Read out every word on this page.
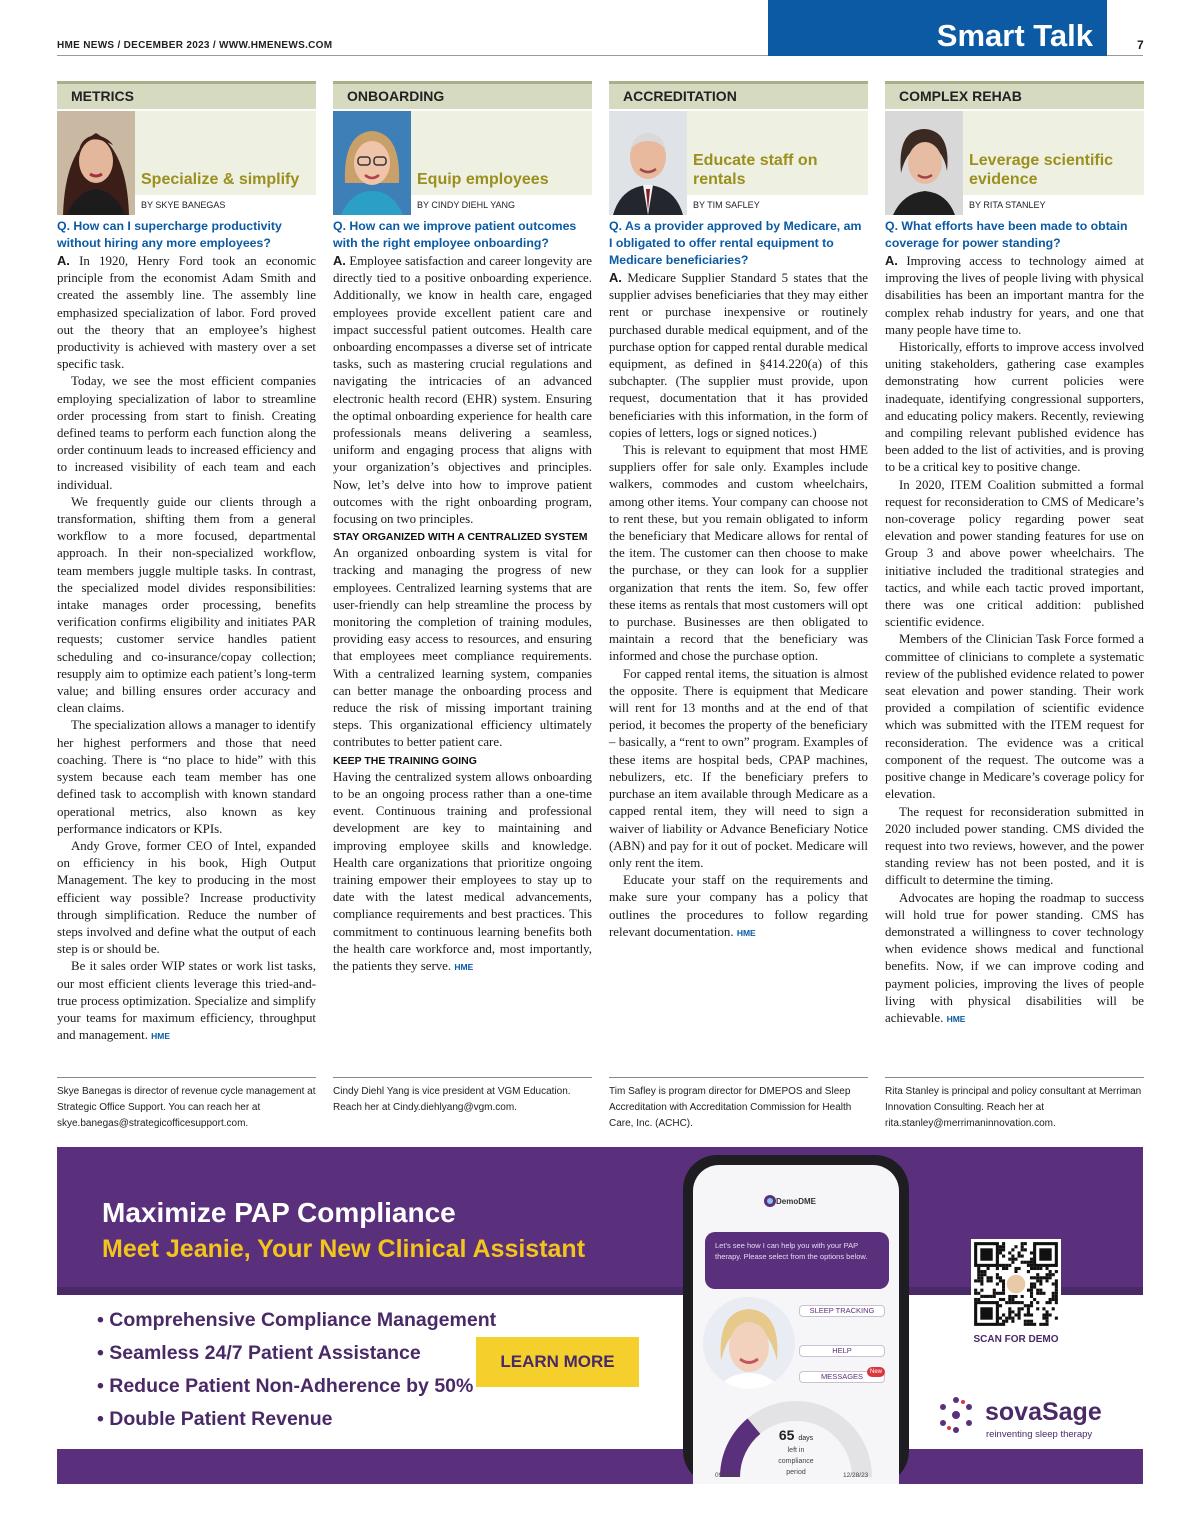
HME NEWS / DECEMBER 2023 / WWW.HMENEWS.COM	Smart Talk	7
METRICS
Specialize & simplify
BY SKYE BANEGAS
Q. How can I supercharge productivity without hiring any more employees?

A. In 1920, Henry Ford took an economic principle from the economist Adam Smith and created the assembly line. The assembly line emphasized specialization of labor. Ford proved out the theory that an employee’s highest productivity is achieved with mastery over a set specific task.

Today, we see the most efficient companies employing specialization of labor to streamline order processing from start to finish. Creating defined teams to perform each function along the order continuum leads to increased efficiency and to increased visibility of each team and each individual.

We frequently guide our clients through a transformation, shifting them from a general workflow to a more focused, departmental approach. In their non-specialized workflow, team members juggle multiple tasks. In contrast, the specialized model divides responsibilities: intake manages order processing, benefits verification confirms eligibility and initiates PAR requests; customer service handles patient scheduling and co-insurance/copay collection; resupply aim to optimize each patient’s long-term value; and billing ensures order accuracy and clean claims.

The specialization allows a manager to identify her highest performers and those that need coaching. There is “no place to hide” with this system because each team member has one defined task to accomplish with known standard operational metrics, also known as key performance indicators or KPIs.

Andy Grove, former CEO of Intel, expanded on efficiency in his book, High Output Management. The key to producing in the most efficient way possible? Increase productivity through simplification. Reduce the number of steps involved and define what the output of each step is or should be.

Be it sales order WIP states or work list tasks, our most efficient clients leverage this tried-and-true process optimization. Specialize and simplify your teams for maximum efficiency, throughput and management. HME

ONBOARDING
Equip employees
BY CINDY DIEHL YANG
Q. How can we improve patient outcomes with the right employee onboarding?

A. Employee satisfaction and career longevity are directly tied to a positive onboarding experience. Additionally, we know in health care, engaged employees provide excellent patient care and impact successful patient outcomes. Health care onboarding encompasses a diverse set of intricate tasks, such as mastering crucial regulations and navigating the intricacies of an advanced electronic health record (EHR) system. Ensuring the optimal onboarding experience for health care professionals means delivering a seamless, uniform and engaging process that aligns with your organization’s objectives and principles. Now, let’s delve into how to improve patient outcomes with the right onboarding program, focusing on two principles.

STAY ORGANIZED WITH A CENTRALIZED SYSTEM

An organized onboarding system is vital for tracking and managing the progress of new employees. Centralized learning systems that are user-friendly can help streamline the process by monitoring the completion of training modules, providing easy access to resources, and ensuring that employees meet compliance requirements. With a centralized learning system, companies can better manage the onboarding process and reduce the risk of missing important training steps. This organizational efficiency ultimately contributes to better patient care.

KEEP THE TRAINING GOING

Having the centralized system allows onboarding to be an ongoing process rather than a one-time event. Continuous training and professional development are key to maintaining and improving employee skills and knowledge. Health care organizations that prioritize ongoing training empower their employees to stay up to date with the latest medical advancements, compliance requirements and best practices. This commitment to continuous learning benefits both the health care workforce and, most importantly, the patients they serve. HME

ACCREDITATION
Educate staff on rentals
BY TIM SAFLEY
Q. As a provider approved by Medicare, am I obligated to offer rental equipment to Medicare beneficiaries?

A. Medicare Supplier Standard 5 states that the supplier advises beneficiaries that they may either rent or purchase inexpensive or routinely purchased durable medical equipment, and of the purchase option for capped rental durable medical equipment, as defined in §414.220(a) of this subchapter. (The supplier must provide, upon request, documentation that it has provided beneficiaries with this information, in the form of copies of letters, logs or signed notices.)

This is relevant to equipment that most HME suppliers offer for sale only. Examples include walkers, commodes and custom wheelchairs, among other items. Your company can choose not to rent these, but you remain obligated to inform the beneficiary that Medicare allows for rental of the item. The customer can then choose to make the purchase, or they can look for a supplier organization that rents the item. So, few offer these items as rentals that most customers will opt to purchase. Businesses are then obligated to maintain a record that the beneficiary was informed and chose the purchase option.

For capped rental items, the situation is almost the opposite. There is equipment that Medicare will rent for 13 months and at the end of that period, it becomes the property of the beneficiary – basically, a “rent to own” program. Examples of these items are hospital beds, CPAP machines, nebulizers, etc. If the beneficiary prefers to purchase an item available through Medicare as a capped rental item, they will need to sign a waiver of liability or Advance Beneficiary Notice (ABN) and pay for it out of pocket. Medicare will only rent the item.

Educate your staff on the requirements and make sure your company has a policy that outlines the procedures to follow regarding relevant documentation. HME

COMPLEX REHAB
Leverage scientific evidence
BY RITA STANLEY
Q. What efforts have been made to obtain coverage for power standing?

A. Improving access to technology aimed at improving the lives of people living with physical disabilities has been an important mantra for the complex rehab industry for years, and one that many people have time to.

Historically, efforts to improve access involved uniting stakeholders, gathering case examples demonstrating how current policies were inadequate, identifying congressional supporters, and educating policy makers. Recently, reviewing and compiling relevant published evidence has been added to the list of activities, and is proving to be a critical key to positive change.

In 2020, ITEM Coalition submitted a formal request for reconsideration to CMS of Medicare’s non-coverage policy regarding power seat elevation and power standing features for use on Group 3 and above power wheelchairs. The initiative included the traditional strategies and tactics, and while each tactic proved important, there was one critical addition: published scientific evidence.

Members of the Clinician Task Force formed a committee of clinicians to complete a systematic review of the published evidence related to power seat elevation and power standing. Their work provided a compilation of scientific evidence which was submitted with the ITEM request for reconsideration. The evidence was a critical component of the request. The outcome was a positive change in Medicare’s coverage policy for elevation.

The request for reconsideration submitted in 2020 included power standing. CMS divided the request into two reviews, however, and the power standing review has not been posted, and it is difficult to determine the timing.

Advocates are hoping the roadmap to success will hold true for power standing. CMS has demonstrated a willingness to cover technology when evidence shows medical and functional benefits. Now, if we can improve coding and payment policies, improving the lives of people living with physical disabilities will be achievable. HME

Skye Banegas is director of revenue cycle management at Strategic Office Support. You can reach her at skye.banegas@strategicofficesupport.com.
Cindy Diehl Yang is vice president at VGM Education. Reach her at Cindy.diehlyang@vgm.com.
Tim Safley is program director for DMEPOS and Sleep Accreditation with Accreditation Commission for Health Care, Inc. (ACHC).
Rita Stanley is principal and policy consultant at Merriman Innovation Consulting. Reach her at rita.stanley@merrimaninnovation.com.
Maximize PAP Compliance
Meet Jeanie, Your New Clinical Assistant
• Comprehensive Compliance Management
• Seamless 24/7 Patient Assistance
• Reduce Patient Non-Adherence by 50%
• Double Patient Revenue
LEARN MORE
DemoDME
Let’s see how I can help you with your PAP therapy. Please select from the options below.
SLEEP TRACKING
HELP
MESSAGES	New
65 days
left in compliance period
09/29/23	12/28/23
SCAN FOR DEMO
sovaSage
reinventing sleep therapy
